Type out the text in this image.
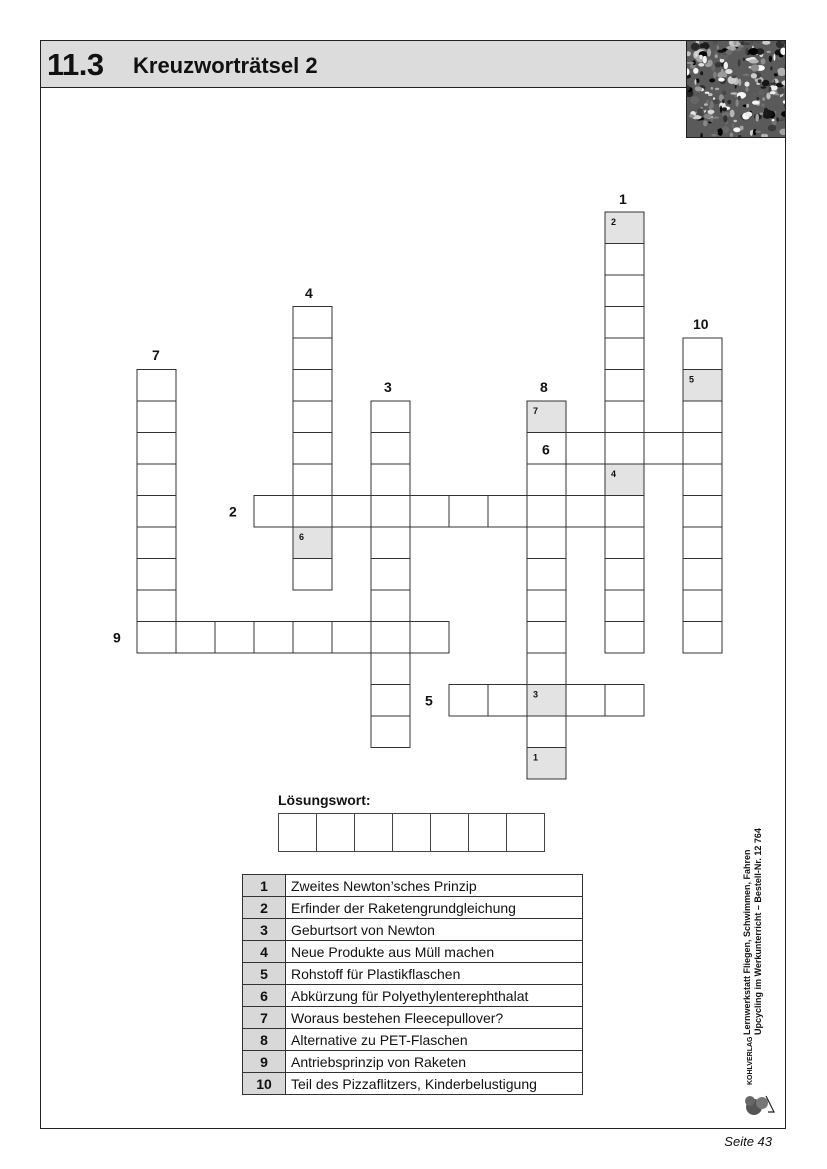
11.3 Kreuzworträtsel 2
2
4
6
3
7
1
5
1
2
3
4
5
6
7
8
9
10
Lösungswort:
1	Zweites Newton’sches Prinzip
2	Erfinder der Raketengrundgleichung
3	Geburtsort von Newton
4	Neue Produkte aus Müll machen
5	Rohstoff für Plastikflaschen
6	Abkürzung für Polyethylenterephthalat
7	Woraus bestehen Fleecepullover?
8	Alternative zu PET-Flaschen
9	Antriebsprinzip von Raketen
10	Teil des Pizzaflitzers, Kinderbelustigung
Lernwerkstatt Fliegen, Schwimmen, Fahren Upcycling im Werkunterricht – Bestell-Nr. 12 764
KOHLVERLAG
Seite 43
